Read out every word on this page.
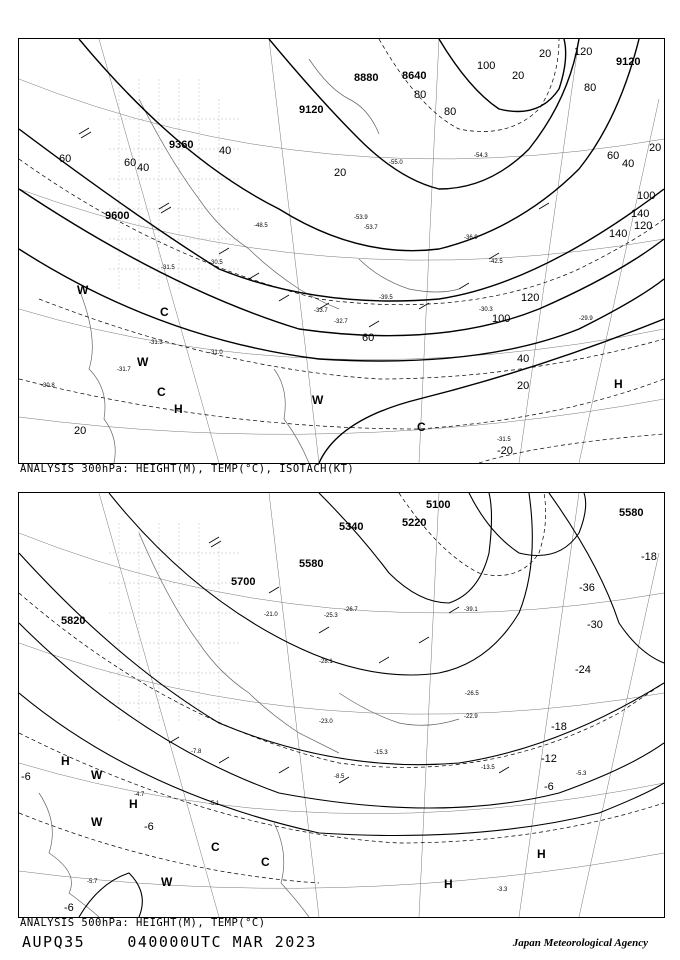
8880 8640
9120
9360
9600
9120
20
40
60
80
100
120
140
60
40
20
120
100
80
60
40
20
20
20
20
40
60
80
100
120
140
-39.5
-53.9
-55.0
-54.3
-53.7
-48.5
-42.5
-36.9
-31.5
-30.5
-33.7
-32.7
-31.3
-31.0
-29.9
-30.3
-31.5
-31.7
-30.8
-20
W
W
C
C
H
W
C
H
ANALYSIS 300hPa: HEIGHT(M), TEMP(°C), ISOTACH(KT)
5100
5340	5220
5580
5700
5820
5580
-36
-30
-24
-18
-12
-6
-18
-6
-6
-6
-39.1
-26.5
-22.9
-13.5
-5.3
-8.5
-7.8
-3.3
-5.7
-4.7
-5.1
-15.3
-21.0	-25.3
-26.7
-28.1
-23.0
H
W
H
W
C
C
W
H
H
ANALYSIS 500hPa: HEIGHT(M), TEMP(°C)
AUPQ35	040000UTC MAR 2023	Japan Meteorological Agency
